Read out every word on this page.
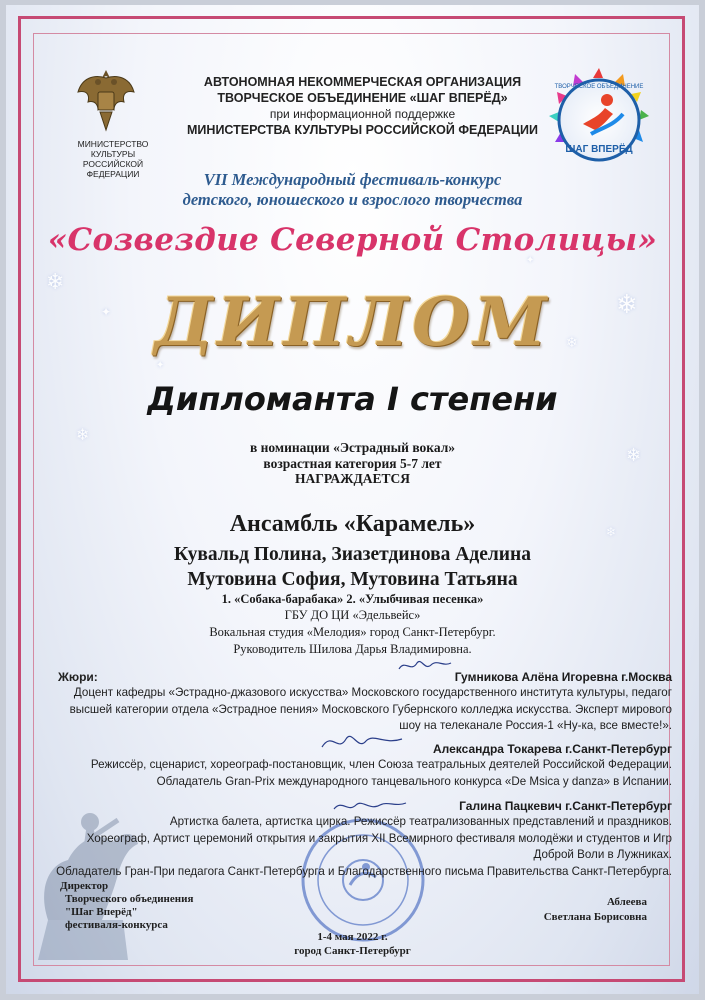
❄
✦	❄
❄
❄
❄
✦
✦
❄
МИНИСТЕРСТВО КУЛЬТУРЫ
РОССИЙСКОЙ ФЕДЕРАЦИИ
АВТОНОМНАЯ НЕКОММЕРЧЕСКАЯ ОРГАНИЗАЦИЯ
ТВОРЧЕСКОЕ ОБЪЕДИНЕНИЕ «ШАГ ВПЕРЁД»
при информационной поддержке
МИНИСТЕРСТВА КУЛЬТУРЫ РОССИЙСКОЙ ФЕДЕРАЦИИ
ТВОРЧЕСКОЕ ОБЪЕДИНЕНИЕ
ШАГ ВПЕРЁД
VII Международный фестиваль-конкурс
детского, юношеского и взрослого творчества
«Созвездие Северной Столицы»
ДИПЛОМ
Дипломанта I степени
в номинации «Эстрадный вокал»
возрастная категория 5-7 лет
НАГРАЖДАЕТСЯ
Ансамбль «Карамель»
Кувальд Полина, Зиазетдинова Аделина
Мутовина София, Мутовина Татьяна
1. «Собака-барабака» 2. «Улыбчивая песенка»
ГБУ ДО ЦИ «Эдельвейс»
Вокальная студия «Мелодия» город Санкт-Петербург.
Руководитель Шилова Дарья Владимировна.
Жюри:	Гумникова Алёна Игоревна г.Москва
Доцент кафедры «Эстрадно-джазового искусства» Московского государственного института культуры, педагог
высшей категории отдела «Эстрадное пения» Московского Губернского колледжа искусства. Эксперт мирового
шоу на телеканале Россия-1 «Ну-ка, все вместе!».
Александра Токарева г.Санкт-Петербург
Режиссёр, сценарист, хореограф-постановщик, член Союза театральных деятелей Российской Федерации.
Обладатель Gran-Prix международного танцевального конкурса «De Msica y danza» в Испании.
Галина Пацкевич г.Санкт-Петербург
Артистка балета, артистка цирка. Режиссёр театрализованных представлений и праздников.
Хореограф, Артист церемоний открытия и закрытия XII Всемирного фестиваля молодёжи и студентов и Игр
Доброй Воли в Лужниках.
Обладатель Гран-При педагога Санкт-Петербурга и Благодарственного письма Правительства Санкт-Петербурга.
Директор
Творческого объединения
"Шаг Вперёд"
фестиваля-конкурса
Аблеева
Светлана Борисовна
1-4 мая 2022 г.
город Санкт-Петербург
